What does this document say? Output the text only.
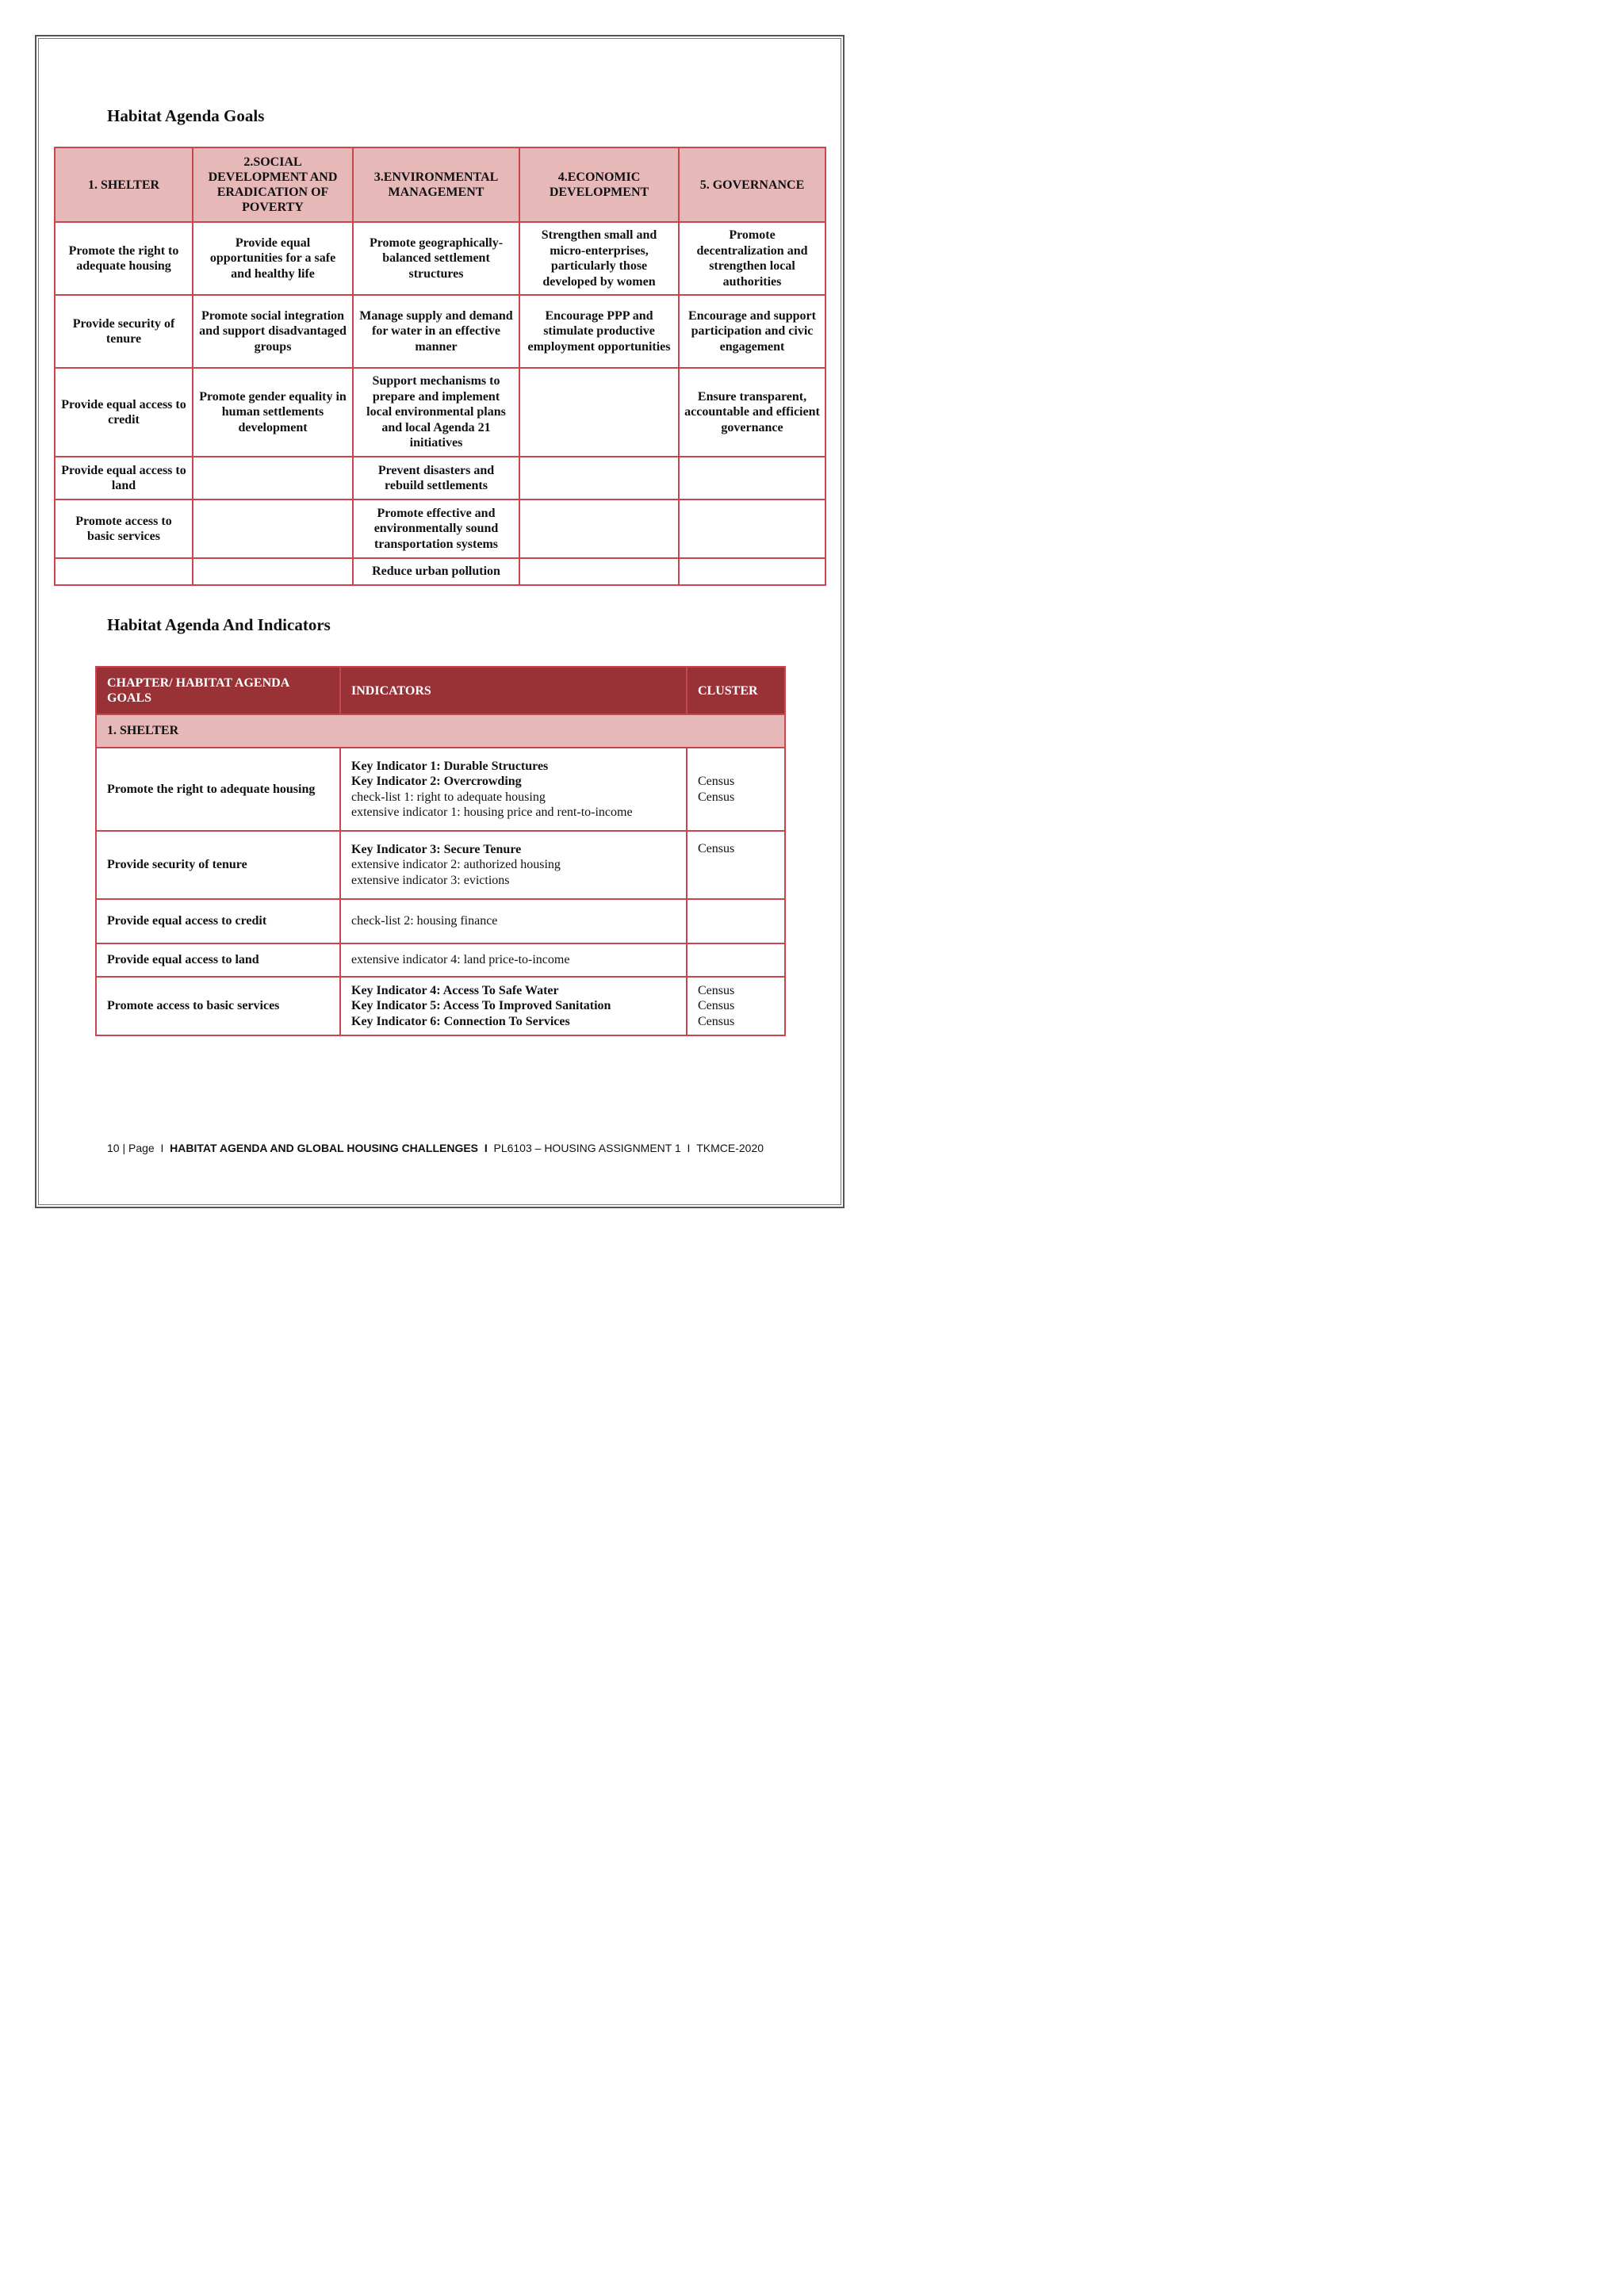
Habitat Agenda Goals
1. SHELTER	2.SOCIAL DEVELOPMENT AND ERADICATION OF POVERTY	3.ENVIRONMENTAL MANAGEMENT	4.ECONOMIC DEVELOPMENT	5. GOVERNANCE
Promote the right to adequate housing	Provide equal opportunities for a safe and healthy life	Promote geographically-balanced settlement structures	Strengthen small and micro-enterprises, particularly those developed by women	Promote decentralization and strengthen local authorities
Provide security of tenure	Promote social integration and support disadvantaged groups	Manage supply and demand for water in an effective manner	Encourage PPP and stimulate productive employment opportunities	Encourage and support participation and civic engagement
Provide equal access to credit	Promote gender equality in human settlements development	Support mechanisms to prepare and implement local environmental plans and local Agenda 21 initiatives		Ensure transparent, accountable and efficient governance
Provide equal access to land		Prevent disasters and rebuild settlements		
Promote access to basic services		Promote effective and environmentally sound transportation systems		
		Reduce urban pollution		
Habitat Agenda And Indicators
CHAPTER/ HABITAT AGENDA GOALS	INDICATORS	CLUSTER
1. SHELTER		
Promote the right to adequate housing	Key Indicator 1: Durable Structures
Key Indicator 2: Overcrowding
check-list 1: right to adequate housing
extensive indicator 1: housing price and rent-to-income	Census
Census

Provide security of tenure	Key Indicator 3: Secure Tenure
extensive indicator 2: authorized housing
extensive indicator 3: evictions	Census

Provide equal access to credit	check-list 2: housing finance	

Provide equal access to land	extensive indicator 4: land price-to-income	

Promote access to basic services	Key Indicator 4: Access To Safe Water
Key Indicator 5: Access To Improved Sanitation
Key Indicator 6: Connection To Services	Census
Census
Census
10 | Page I HABITAT AGENDA AND GLOBAL HOUSING CHALLENGES I PL6103 – HOUSING ASSIGNMENT 1 I TKMCE-2020
